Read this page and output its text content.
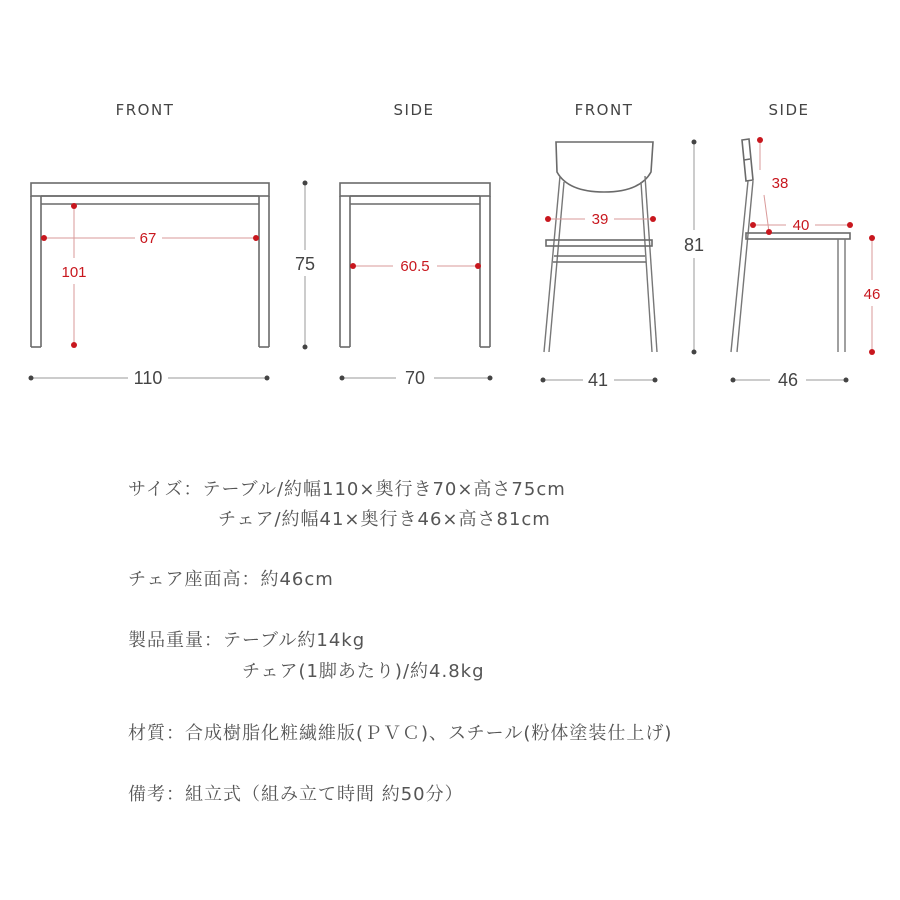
FRONT	SIDE	FRONT	SIDE
67
101
110
75	60.5
70
39
41
81
38
40
46
46
サイズ：テーブル/約幅110×奥行き70×高さ75cm
チェア/約幅41×奥行き46×高さ81cm
チェア座面高：約46cm
製品重量：テーブル約14kg
チェア(1脚あたり)/約4.8kg
材質：合成樹脂化粧繊維版(ＰＶＣ)、スチール(粉体塗装仕上げ)
備考：組立式（組み立て時間 約50分）
